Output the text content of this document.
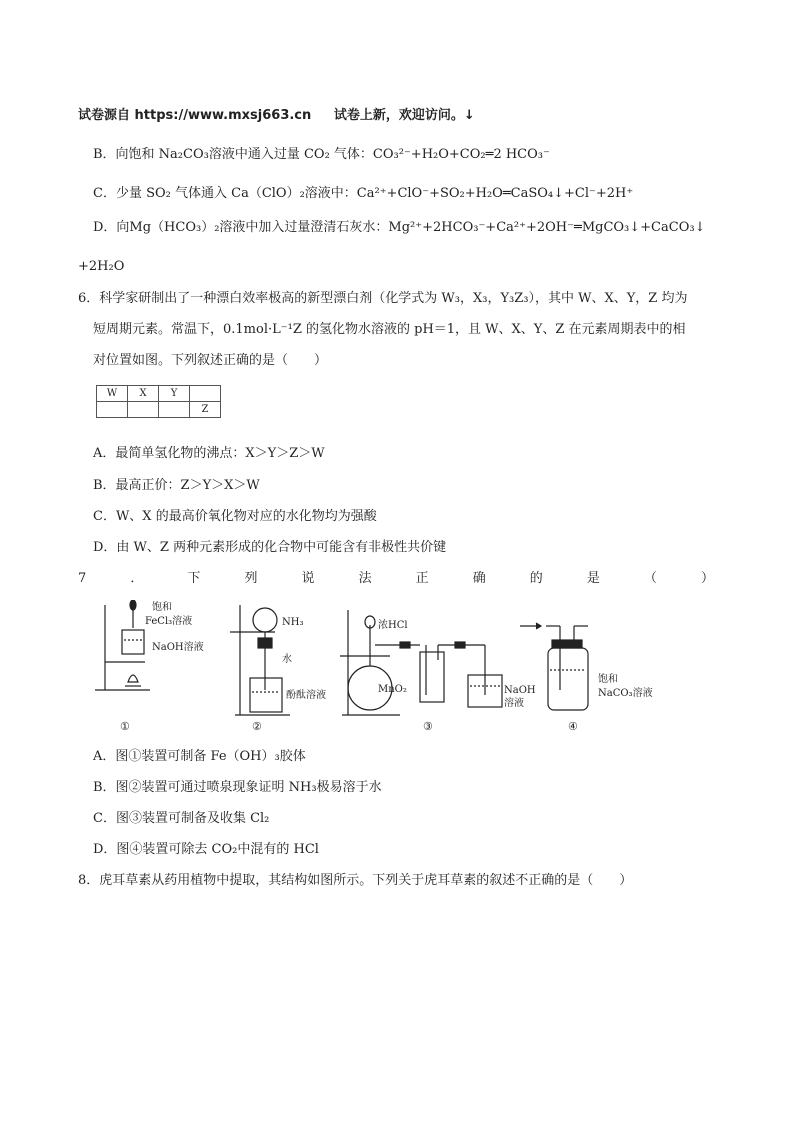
试卷源自 https://www.mxsj663.cn 试卷上新，欢迎访问。↓
B．向饱和 Na₂CO₃溶液中通入过量 CO₂ 气体：CO₃²⁻+H₂O+CO₂═2 HCO₃⁻
C．少量 SO₂ 气体通入 Ca（ClO）₂溶液中：Ca²⁺+ClO⁻+SO₂+H₂O═CaSO₄↓+Cl⁻+2H⁺
D．向Mg（HCO₃）₂溶液中加入过量澄清石灰水：Mg²⁺+2HCO₃⁻+Ca²⁺+2OH⁻═MgCO₃↓+CaCO₃↓
+2H₂O
6．科学家研制出了一种漂白效率极高的新型漂白剂（化学式为 W₃，X₃，Y₃Z₃），其中 W、X、Y，Z 均为
短周期元素。常温下，0.1mol·L⁻¹Z 的氢化物水溶液的 pH＝1，且 W、X、Y、Z 在元素周期表中的相
对位置如图。下列叙述正确的是（　　）
W	X	Y	
			Z
A．最简单氢化物的沸点：X＞Y＞Z＞W
B．最高正价：Z＞Y＞X＞W
C．W、X 的最高价氧化物对应的水化物均为强酸
D．由 W、Z 两种元素形成的化合物中可能含有非极性共价键
7	．	下	列	说	法	正	确	的	是	（	）
饱和
FeCl₃溶液
NaOH溶液
NH₃
水
酚酞溶液
浓HCl
MnO₂	NaOH
溶液
饱和
NaCO₃溶液
①	②	③	④
A．图①装置可制备 Fe（OH）₃胶体
B．图②装置可通过喷泉现象证明 NH₃极易溶于水
C．图③装置可制备及收集 Cl₂
D．图④装置可除去 CO₂中混有的 HCl
8．虎耳草素从药用植物中提取，其结构如图所示。下列关于虎耳草素的叙述不正确的是（　　）
